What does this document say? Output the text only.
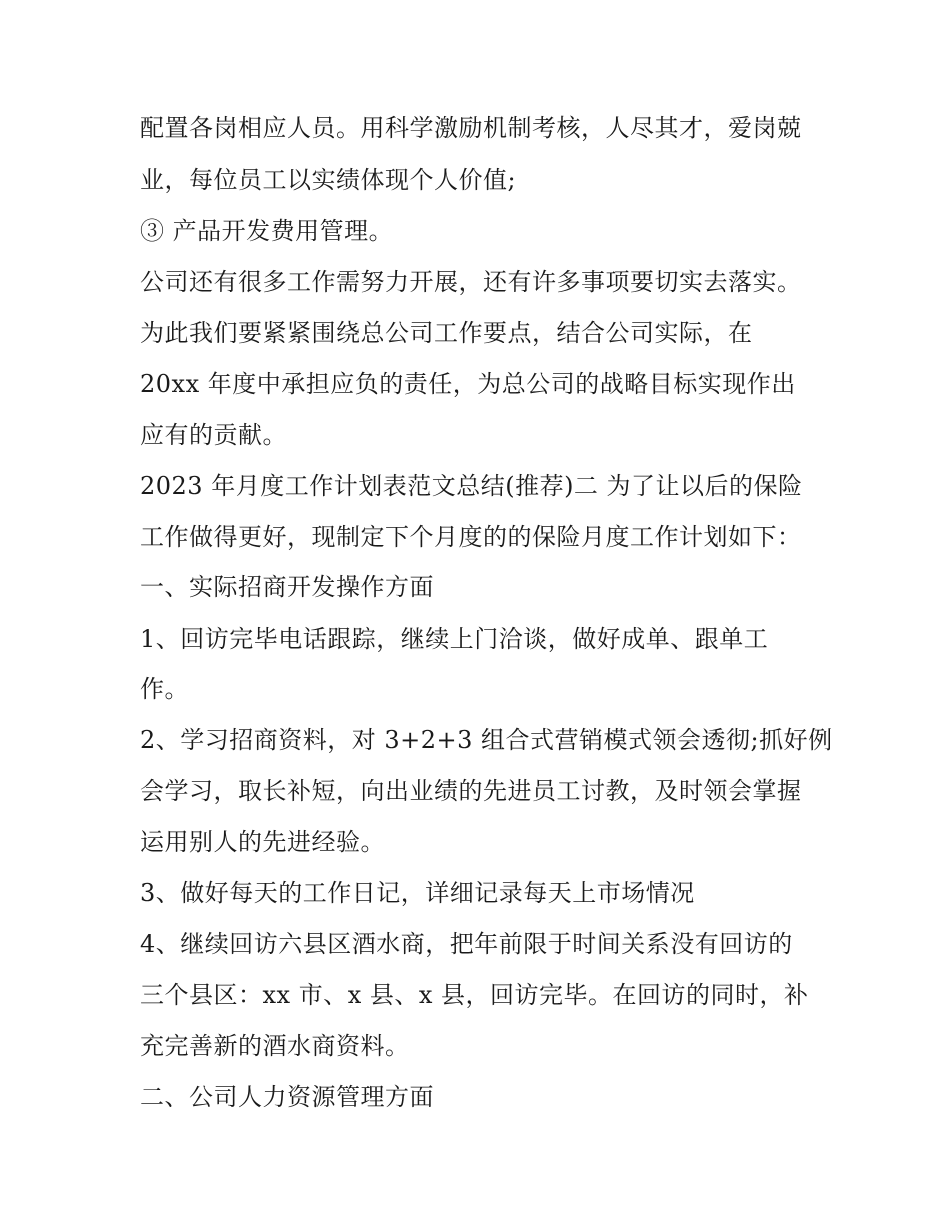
配置各岗相应人员。用科学激励机制考核，人尽其才，爱岗兢
业，每位员工以实绩体现个人价值;
③ 产品开发费用管理。
公司还有很多工作需努力开展，还有许多事项要切实去落实。
为此我们要紧紧围绕总公司工作要点，结合公司实际，在
20xx 年度中承担应负的责任，为总公司的战略目标实现作出
应有的贡献。
2023 年月度工作计划表范文总结(推荐)二 为了让以后的保险
工作做得更好，现制定下个月度的的保险月度工作计划如下：
一、实际招商开发操作方面
1、回访完毕电话跟踪，继续上门洽谈，做好成单、跟单工
作。
2、学习招商资料，对 3+2+3 组合式营销模式领会透彻;抓好例
会学习，取长补短，向出业绩的先进员工讨教，及时领会掌握
运用别人的先进经验。
3、做好每天的工作日记，详细记录每天上市场情况
4、继续回访六县区酒水商，把年前限于时间关系没有回访的
三个县区：xx 市、x 县、x 县，回访完毕。在回访的同时，补
充完善新的酒水商资料。
二、公司人力资源管理方面
